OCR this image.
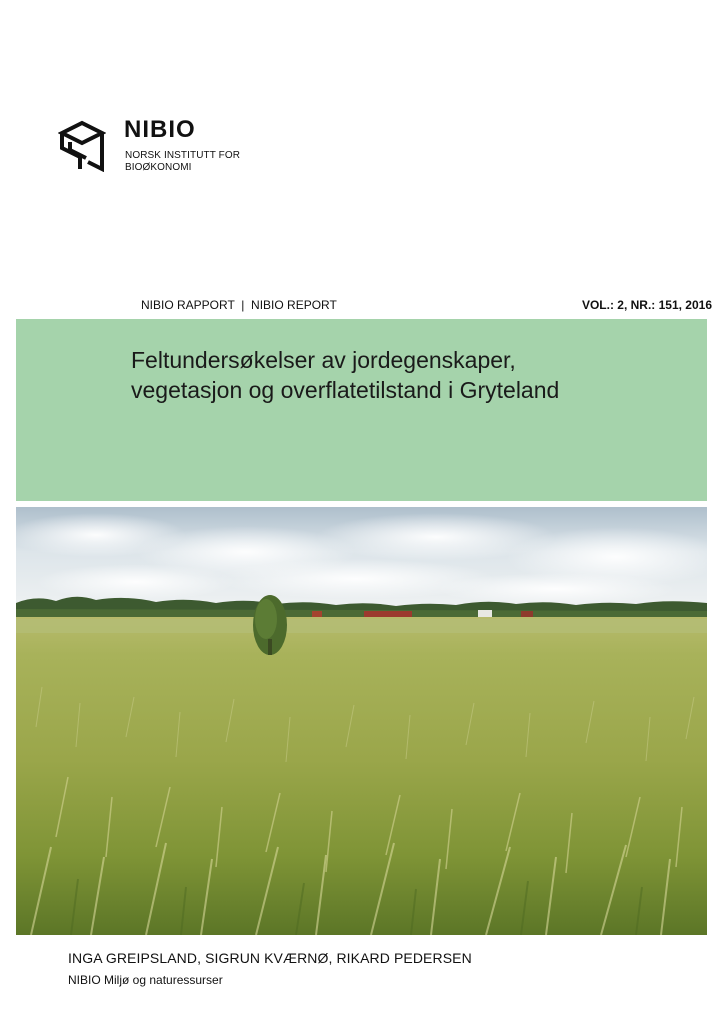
NIBIO
NORSK INSTITUTT FOR
BIOØKONOMI
NIBIO RAPPORT  |  NIBIO REPORT	VOL.: 2, NR.: 151, 2016
Feltundersøkelser av jordegenskaper,
vegetasjon og overflatetilstand i Gryteland
INGA GREIPSLAND, SIGRUN KVÆRNØ, RIKARD PEDERSEN
NIBIO Miljø og naturessurser
